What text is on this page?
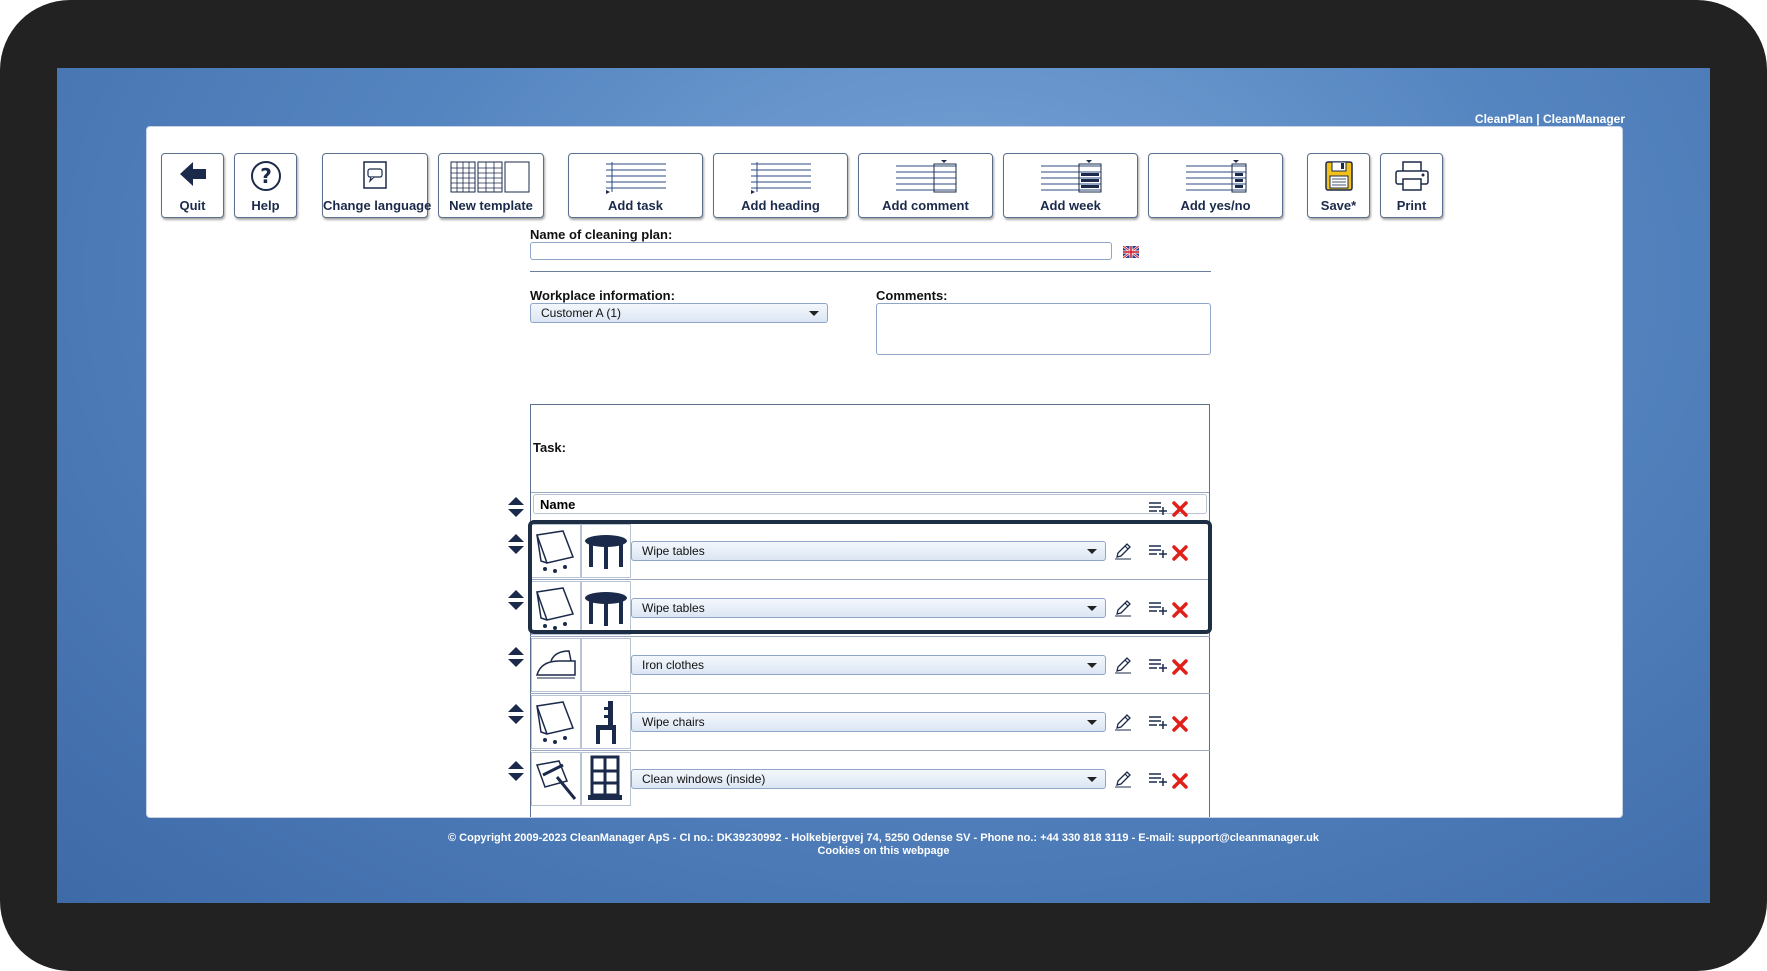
CleanPlan | CleanManager
Quit
?
Help	Change language	New template	Add task	Add heading	Add comment	Add week	Add yes/no	Save*	Print
Name of cleaning plan:
Workplace information:
Customer A (1)
Comments:
Task:
Name
Wipe tables
Wipe tables
Iron clothes
Wipe chairs
Clean windows (inside)
© Copyright 2009-2023 CleanManager ApS - CI no.: DK39230992 - Holkebjergvej 74, 5250 Odense SV - Phone no.: +44 330 818 3119 - E-mail: support@cleanmanager.uk
Cookies on this webpage
